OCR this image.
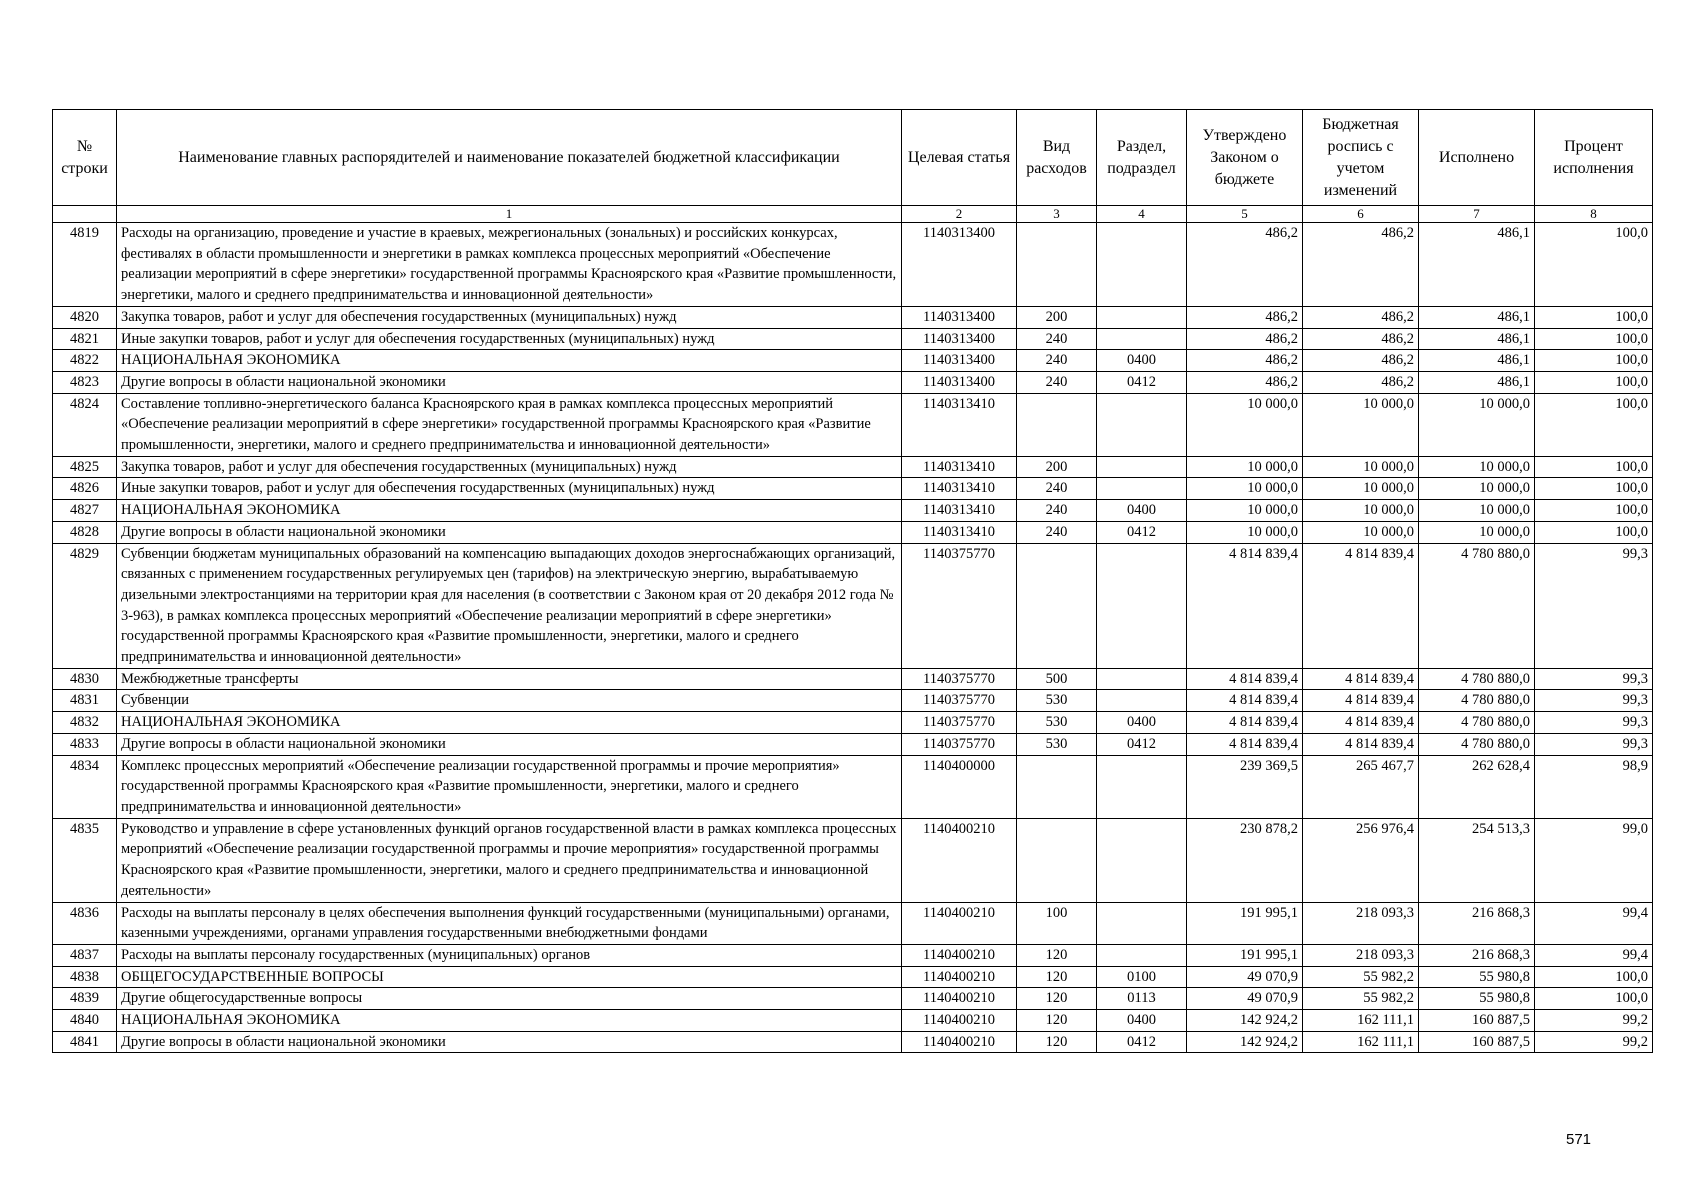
№ строки	Наименование главных распорядителей и наименование показателей бюджетной классификации	Целевая статья	Вид расходов	Раздел, подраздел	Утверждено Законом о бюджете	Бюджетная роспись с учетом изменений	Исполнено	Процент исполнения
	1	2	3	4	5	6	7	8
4819	Расходы на организацию, проведение и участие в краевых, межрегиональных (зональных) и российских конкурсах, фестивалях в области промышленности и энергетики в рамках комплекса процессных мероприятий «Обеспечение реализации мероприятий в сфере энергетики» государственной программы Красноярского края «Развитие промышленности, энергетики, малого и среднего предпринимательства и инновационной деятельности»	1140313400			486,2	486,2	486,1	100,0
4820	Закупка товаров, работ и услуг для обеспечения государственных (муниципальных) нужд	1140313400	200		486,2	486,2	486,1	100,0
4821	Иные закупки товаров, работ и услуг для обеспечения государственных (муниципальных) нужд	1140313400	240		486,2	486,2	486,1	100,0
4822	НАЦИОНАЛЬНАЯ ЭКОНОМИКА	1140313400	240	0400	486,2	486,2	486,1	100,0
4823	Другие вопросы в области национальной экономики	1140313400	240	0412	486,2	486,2	486,1	100,0
4824	Составление топливно-энергетического баланса Красноярского края в рамках комплекса процессных мероприятий «Обеспечение реализации мероприятий в сфере энергетики» государственной программы Красноярского края «Развитие промышленности, энергетики, малого и среднего предпринимательства и инновационной деятельности»	1140313410			10 000,0	10 000,0	10 000,0	100,0
4825	Закупка товаров, работ и услуг для обеспечения государственных (муниципальных) нужд	1140313410	200		10 000,0	10 000,0	10 000,0	100,0
4826	Иные закупки товаров, работ и услуг для обеспечения государственных (муниципальных) нужд	1140313410	240		10 000,0	10 000,0	10 000,0	100,0
4827	НАЦИОНАЛЬНАЯ ЭКОНОМИКА	1140313410	240	0400	10 000,0	10 000,0	10 000,0	100,0
4828	Другие вопросы в области национальной экономики	1140313410	240	0412	10 000,0	10 000,0	10 000,0	100,0
4829	Субвенции бюджетам муниципальных образований на компенсацию выпадающих доходов энергоснабжающих организаций, связанных с применением государственных регулируемых цен (тарифов) на электрическую энергию, вырабатываемую дизельными электростанциями на территории края для населения (в соответствии с Законом края от 20 декабря 2012 года № 3-963), в рамках комплекса процессных мероприятий «Обеспечение реализации мероприятий в сфере энергетики» государственной программы Красноярского края «Развитие промышленности, энергетики, малого и среднего предпринимательства и инновационной деятельности»	1140375770			4 814 839,4	4 814 839,4	4 780 880,0	99,3
4830	Межбюджетные трансферты	1140375770	500		4 814 839,4	4 814 839,4	4 780 880,0	99,3
4831	Субвенции	1140375770	530		4 814 839,4	4 814 839,4	4 780 880,0	99,3
4832	НАЦИОНАЛЬНАЯ ЭКОНОМИКА	1140375770	530	0400	4 814 839,4	4 814 839,4	4 780 880,0	99,3
4833	Другие вопросы в области национальной экономики	1140375770	530	0412	4 814 839,4	4 814 839,4	4 780 880,0	99,3
4834	Комплекс процессных мероприятий «Обеспечение реализации государственной программы и прочие мероприятия» государственной программы Красноярского края «Развитие промышленности, энергетики, малого и среднего предпринимательства и инновационной деятельности»	1140400000			239 369,5	265 467,7	262 628,4	98,9
4835	Руководство и управление в сфере установленных функций органов государственной власти в рамках комплекса процессных мероприятий «Обеспечение реализации государственной программы и прочие мероприятия» государственной программы Красноярского края «Развитие промышленности, энергетики, малого и среднего предпринимательства и инновационной деятельности»	1140400210			230 878,2	256 976,4	254 513,3	99,0
4836	Расходы на выплаты персоналу в целях обеспечения выполнения функций государственными (муниципальными) органами, казенными учреждениями, органами управления государственными внебюджетными фондами	1140400210	100		191 995,1	218 093,3	216 868,3	99,4
4837	Расходы на выплаты персоналу государственных (муниципальных) органов	1140400210	120		191 995,1	218 093,3	216 868,3	99,4
4838	ОБЩЕГОСУДАРСТВЕННЫЕ ВОПРОСЫ	1140400210	120	0100	49 070,9	55 982,2	55 980,8	100,0
4839	Другие общегосударственные вопросы	1140400210	120	0113	49 070,9	55 982,2	55 980,8	100,0
4840	НАЦИОНАЛЬНАЯ ЭКОНОМИКА	1140400210	120	0400	142 924,2	162 111,1	160 887,5	99,2
4841	Другие вопросы в области национальной экономики	1140400210	120	0412	142 924,2	162 111,1	160 887,5	99,2
571
